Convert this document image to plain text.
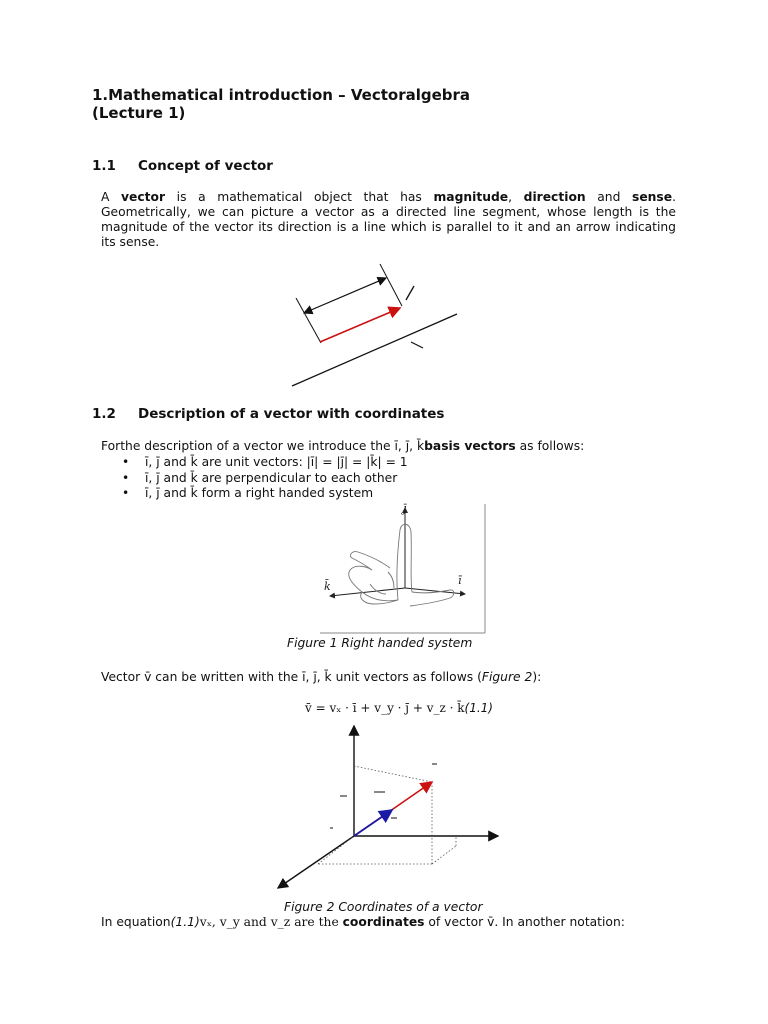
1.Mathematical introduction – Vectoralgebra
(Lecture 1)
1.1 Concept of vector
A vector is a mathematical object that has magnitude, direction and sense. Geometrically, we can picture a vector as a directed line segment, whose length is the magnitude of the vector its direction is a line which is parallel to it and an arrow indicating its sense.
1.2 Description of a vector with coordinates
Forthe description of a vector we introduce the ī, j̄, k̄basis vectors as follows:
• ī, j̄ and k̄ are unit vectors: |ī| = |j̄| = |k̄| = 1
• ī, j̄ and k̄ are perpendicular to each other
• ī, j̄ and k̄ form a right handed system
j̄
ī
k̄
Figure 1 Right handed system
Vector v̄ can be written with the ī, j̄, k̄ unit vectors as follows (Figure 2):
v̄ = vₓ · ī + v_y · j̄ + v_z · k̄(1.1)
Figure 2 Coordinates of a vector
In equation(1.1)vₓ, v_y and v_z are the coordinates of vector v̄. In another notation:
